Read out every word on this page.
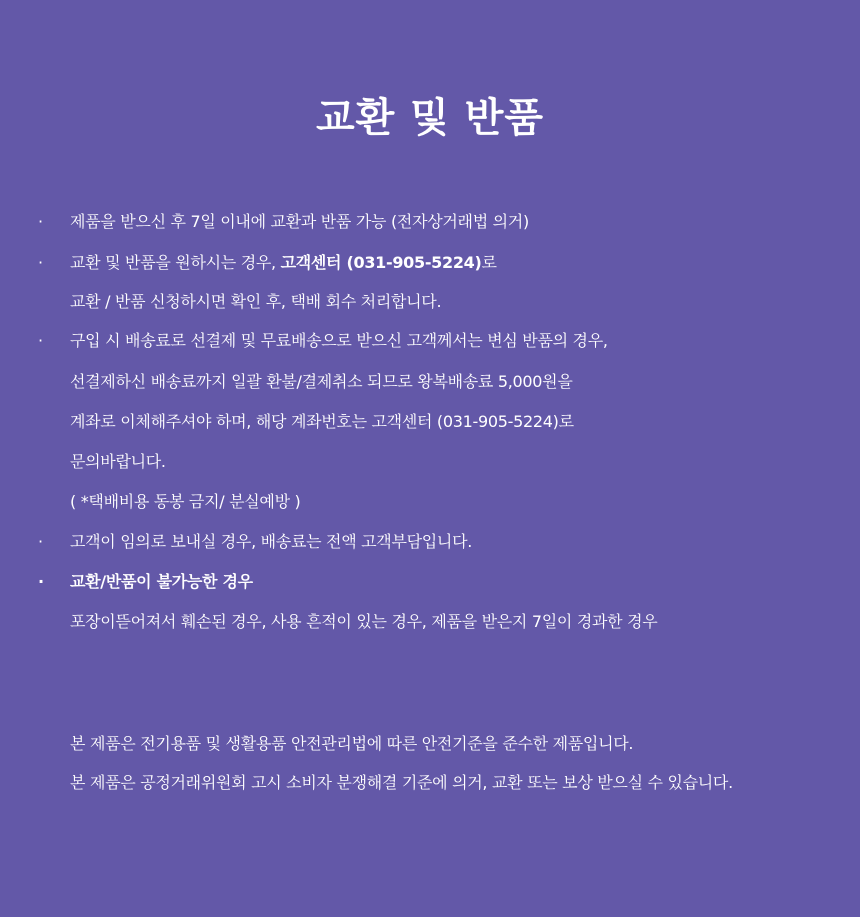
교환 및 반품
·
·
·
·
·
제품을 받으신 후 7일 이내에 교환과 반품 가능 (전자상거래법 의거)
교환 및 반품을 원하시는 경우, 고객센터 (031-905-5224)로
교환 / 반품 신청하시면 확인 후, 택배 회수 처리합니다.
구입 시 배송료로 선결제 및 무료배송으로 받으신 고객께서는 변심 반품의 경우,
선결제하신 배송료까지 일괄 환불/결제취소 되므로 왕복배송료 5,000원을
계좌로 이체해주셔야 하며, 해당 계좌번호는 고객센터 (031-905-5224)로
문의바랍니다.
( *택배비용 동봉 금지/ 분실예방 )
고객이 임의로 보내실 경우, 배송료는 전액 고객부담입니다.
교환/반품이 불가능한 경우
포장이뜯어져서 훼손된 경우, 사용 흔적이 있는 경우, 제품을 받은지 7일이 경과한 경우
본 제품은 전기용품 및 생활용품 안전관리법에 따른 안전기준을 준수한 제품입니다.
본 제품은 공정거래위원회 고시 소비자 분쟁해결 기준에 의거, 교환 또는 보상 받으실 수 있습니다.
